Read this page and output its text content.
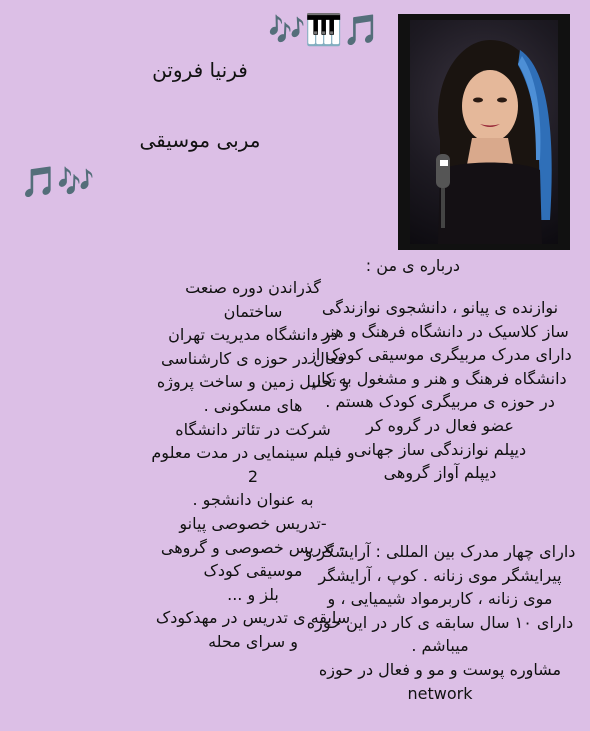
🎶🎹🎵
🎵🎶
فرنیا فروتن
مربی موسیقی
درباره ی من :

گذراندن دوره صنعت

ساختمان

در دانشگاه مدیریت تهران

فعال در حوزه ی کارشناسی

و تحلیل زمین و ساخت پروژه

های مسکونی .

شرکت در تئاتر دانشگاه

و فیلم سینمایی در مدت معلوم

2

به عنوان دانشجو .

-تدریس خصوصی پیانو

- تدریس خصوصی و گروهی

موسیقی کودک

بلز و ...

سابقه ی تدریس در مهدکودک

و سرای محله

نوازنده ی پیانو ، دانشجوی نوازندگی

ساز کلاسیک در دانشگاه فرهنگ و هنر ،

دارای مدرک مربیگری موسیقی کودک از

دانشگاه فرهنگ و هنر و مشغول به کار

در حوزه ی مربیگری کودک هستم .

عضو فعال در گروه کر

دیپلم نوازندگی ساز جهانی

دیپلم آواز گروهی

دارای چهار مدرک بین المللی : آرایشگر و

پیرایشگر موی زنانه . کوپ ، آرایشگر

موی زنانه ، کاربرمواد شیمیایی ، و

دارای ۱۰ سال سابقه ی کار در این حوزه

میباشم .

مشاوره پوست و مو و فعال در حوزه

network
